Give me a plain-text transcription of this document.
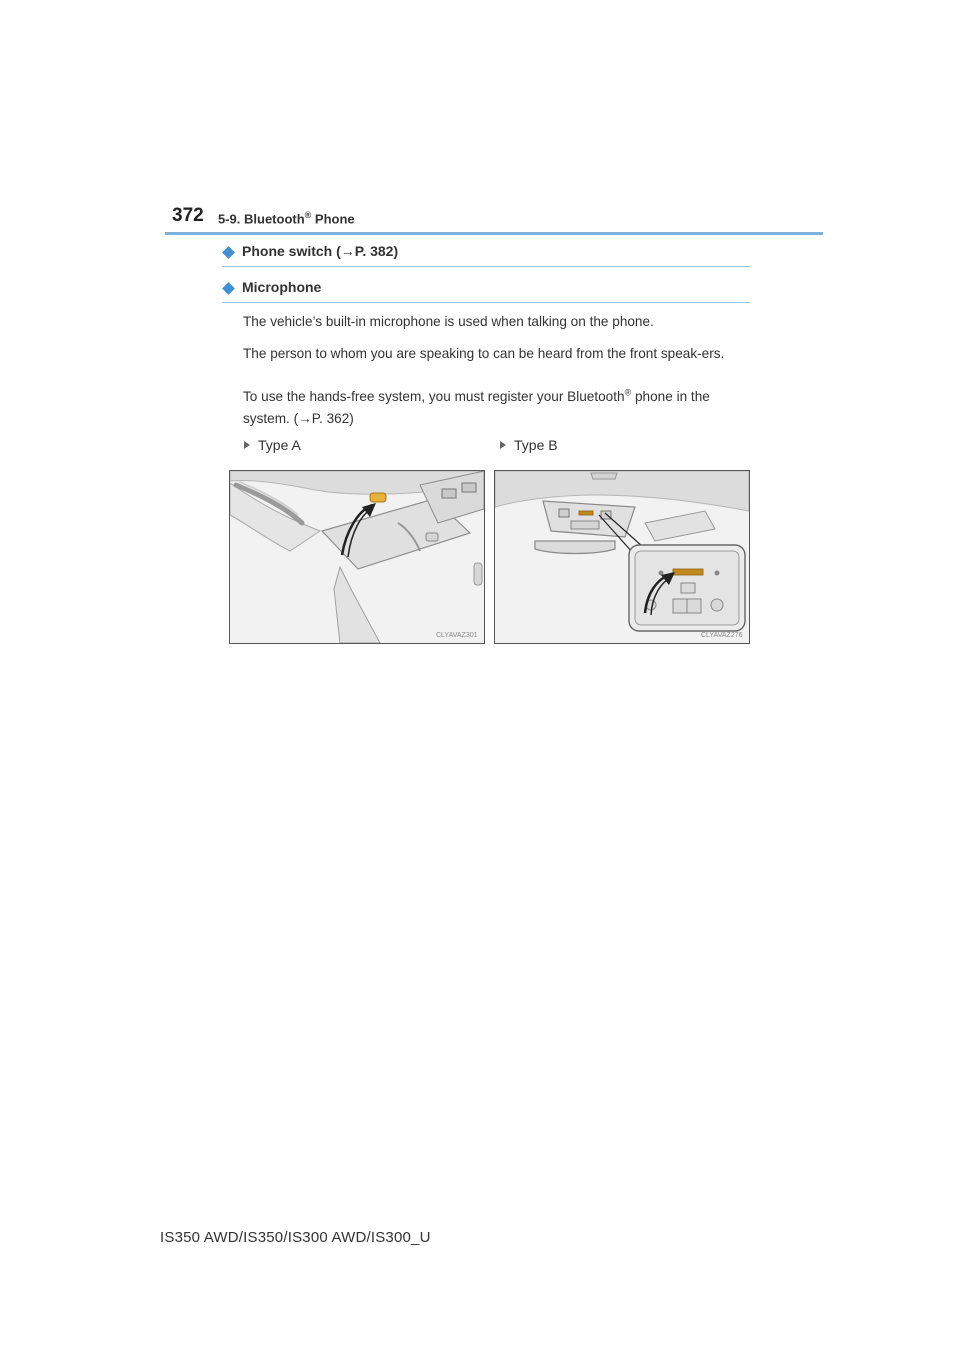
372 5-9. Bluetooth® Phone
Phone switch (→P. 382)
Microphone
The vehicle’s built-in microphone is used when talking on the phone.
The person to whom you are speaking to can be heard from the front speak-ers.
To use the hands-free system, you must register your Bluetooth® phone in the system. (→P. 362)
Type A	Type B
CLYAVAZ301	CLYAVAZ276
IS350 AWD/IS350/IS300 AWD/IS300_U
